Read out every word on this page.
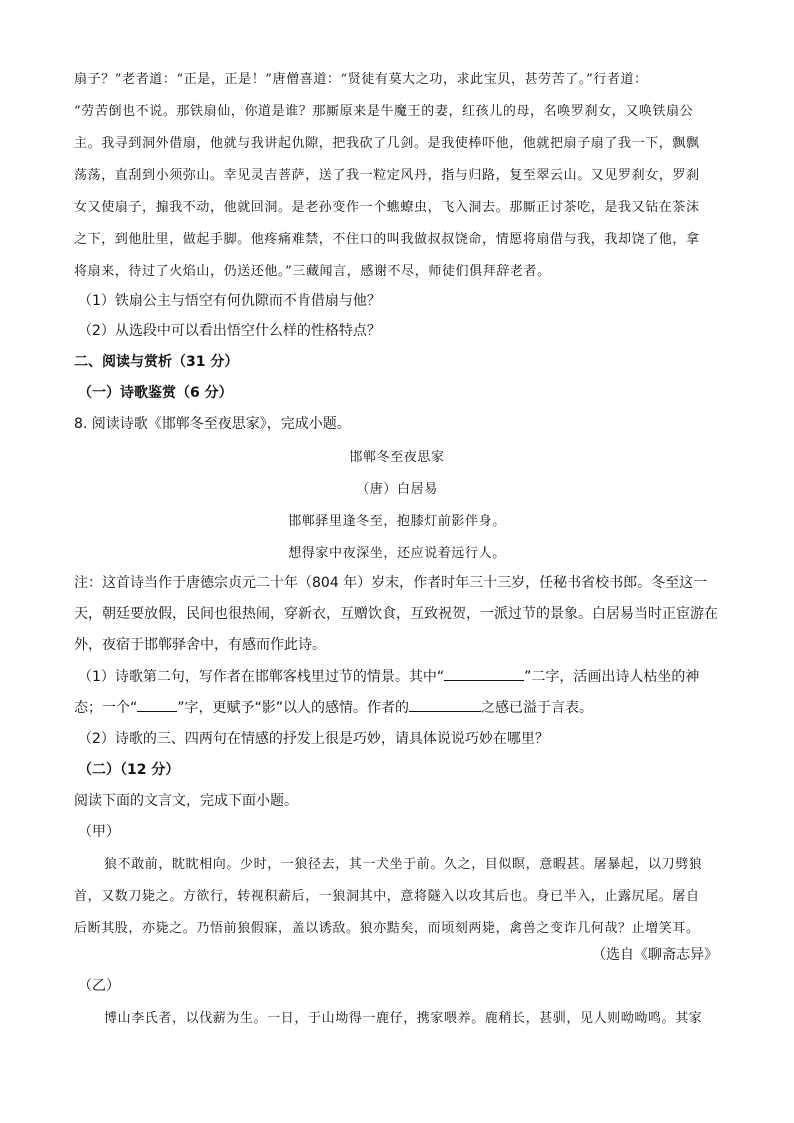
扇子？”老者道：“正是，正是！”唐僧喜道：“贤徒有莫大之功，求此宝贝，甚劳苦了。”行者道：
“劳苦倒也不说。那铁扇仙，你道是谁？那厮原来是牛魔王的妻，红孩儿的母，名唤罗刹女，又唤铁扇公
主。我寻到洞外借扇，他就与我讲起仇隙，把我砍了几剑。是我使棒吓他，他就把扇子扇了我一下，飘飘
荡荡，直刮到小须弥山。幸见灵吉菩萨，送了我一粒定风丹，指与归路，复至翠云山。又见罗刹女，罗刹
女又使扇子，搧我不动，他就回洞。是老孙变作一个蟭蟟虫，飞入洞去。那厮正讨茶吃，是我又钻在茶沫
之下，到他肚里，做起手脚。他疼痛难禁，不住口的叫我做叔叔饶命，情愿将扇借与我，我却饶了他，拿
将扇来，待过了火焰山，仍送还他。”三藏闻言，感谢不尽，师徒们俱拜辞老者。
（1）铁扇公主与悟空有何仇隙而不肯借扇与他？
（2）从选段中可以看出悟空什么样的性格特点？
二、阅读与赏析（31 分）
（一）诗歌鉴赏（6 分）
8. 阅读诗歌《邯郸冬至夜思家》，完成小题。
邯郸冬至夜思家
（唐）白居易
邯郸驿里逢冬至，抱膝灯前影伴身。
想得家中夜深坐，还应说着远行人。
注：这首诗当作于唐德宗贞元二十年（804 年）岁末，作者时年三十三岁，任秘书省校书郎。冬至这一
天，朝廷要放假，民间也很热闹，穿新衣，互赠饮食，互致祝贺，一派过节的景象。白居易当时正宦游在
外，夜宿于邯郸驿舍中，有感而作此诗。
（1）诗歌第二句，写作者在邯郸客栈里过节的情景。其中“	”二字，活画出诗人枯坐的神
态；一个“	”字，更赋予“影”以人的感情。作者的	之感已溢于言表。
（2）诗歌的三、四两句在情感的抒发上很是巧妙，请具体说说巧妙在哪里？
（二）（12 分）
阅读下面的文言文，完成下面小题。
（甲）
狼不敢前，眈眈相向。少时，一狼径去，其一犬坐于前。久之，目似瞑，意暇甚。屠暴起，以刀劈狼
首，又数刀毙之。方欲行，转视积薪后，一狼洞其中，意将隧入以攻其后也。身已半入，止露尻尾。屠自
后断其股，亦毙之。乃悟前狼假寐，盖以诱敌。狼亦黠矣，而顷刻两毙，禽兽之变诈几何哉？止增笑耳。
（选自《聊斋志异》
（乙）
博山李氏者，以伐薪为生。一日，于山坳得一鹿仔，携家喂养。鹿稍长，甚驯，见人则呦呦鸣。其家
